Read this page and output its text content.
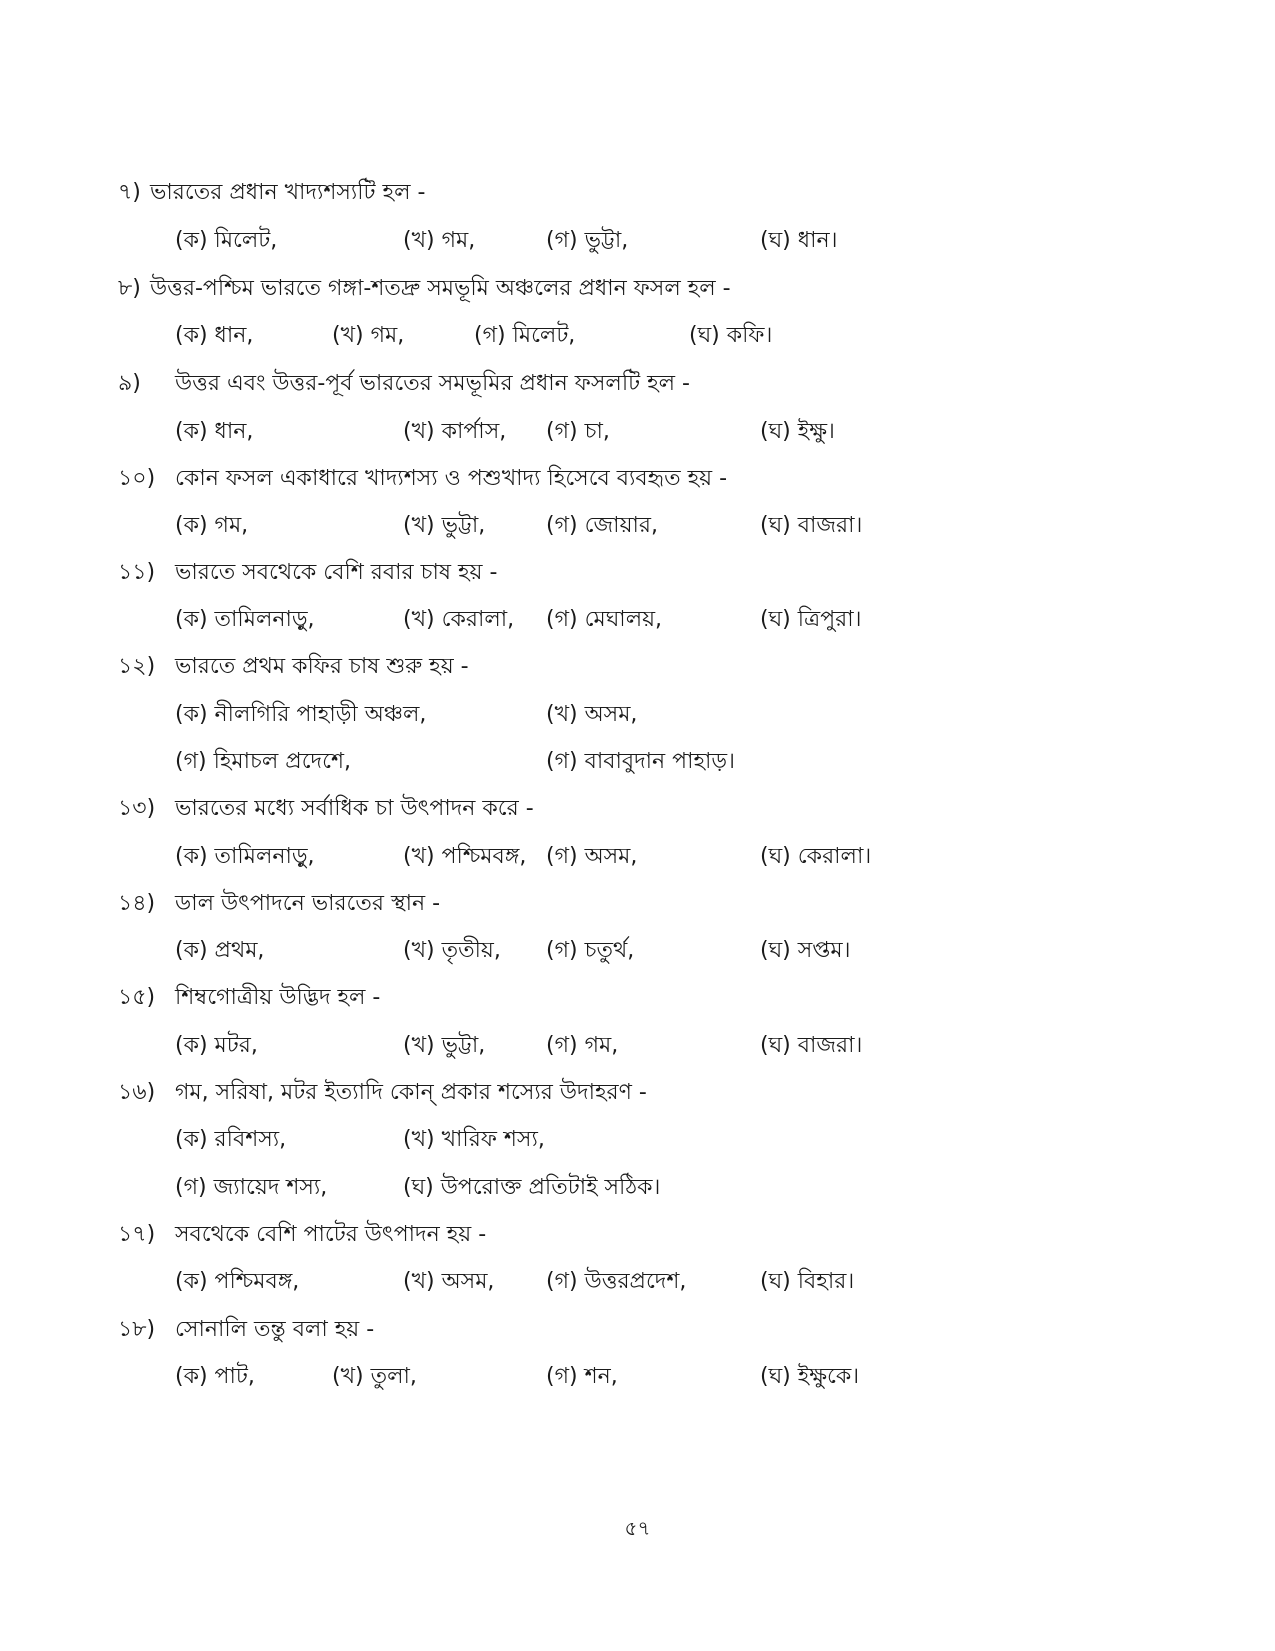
৭) ভারতের প্রধান খাদ্যশস্যটি হল -
(ক) মিলেট,	(খ) গম,	(গ) ভুট্টা,	(ঘ) ধান।
৮) উত্তর-পশ্চিম ভারতে গঙ্গা-শতদ্রু সমভূমি অঞ্চলের প্রধান ফসল হল -
(ক) ধান,	(খ) গম,	(গ) মিলেট,	(ঘ) কফি।
৯) উত্তর এবং উত্তর-পূর্ব ভারতের সমভূমির প্রধান ফসলটি হল -
(ক) ধান,	(খ) কার্পাস, (গ) চা,	(ঘ) ইক্ষু।
১০) কোন ফসল একাধারে খাদ্যশস্য ও পশুখাদ্য হিসেবে ব্যবহৃত হয় -
(ক) গম,	(খ) ভুট্টা,	(গ) জোয়ার,	(ঘ) বাজরা।
১১) ভারতে সবথেকে বেশি রবার চাষ হয় -
(ক) তামিলনাড়ু,	(খ) কেরালা, (গ) মেঘালয়,	(ঘ) ত্রিপুরা।
১২) ভারতে প্রথম কফির চাষ শুরু হয় -
(ক) নীলগিরি পাহাড়ী অঞ্চল,	(খ) অসম,
(গ) হিমাচল প্রদেশে,	(গ) বাবাবুদান পাহাড়।
১৩) ভারতের মধ্যে সর্বাধিক চা উৎপাদন করে -
(ক) তামিলনাড়ু,	(খ) পশ্চিমবঙ্গ, (গ) অসম,	(ঘ) কেরালা।
১৪) ডাল উৎপাদনে ভারতের স্থান -
(ক) প্রথম,	(খ) তৃতীয়, (গ) চতুর্থ,	(ঘ) সপ্তম।
১৫) শিম্বগোত্রীয় উদ্ভিদ হল -
(ক) মটর,	(খ) ভুট্টা,	(গ) গম,	(ঘ) বাজরা।
১৬) গম, সরিষা, মটর ইত্যাদি কোন্ প্রকার শস্যের উদাহরণ -
(ক) রবিশস্য,	(খ) খারিফ শস্য,
(গ) জ্যায়েদ শস্য,	(ঘ) উপরোক্ত প্রতিটাই সঠিক।
১৭) সবথেকে বেশি পাটের উৎপাদন হয় -
(ক) পশ্চিমবঙ্গ,	(খ) অসম, (গ) উত্তরপ্রদেশ,	(ঘ) বিহার।
১৮) সোনালি তন্তু বলা হয় -
(ক) পাট,	(খ) তুলা,	(গ) শন,	(ঘ) ইক্ষুকে।
৫৭
